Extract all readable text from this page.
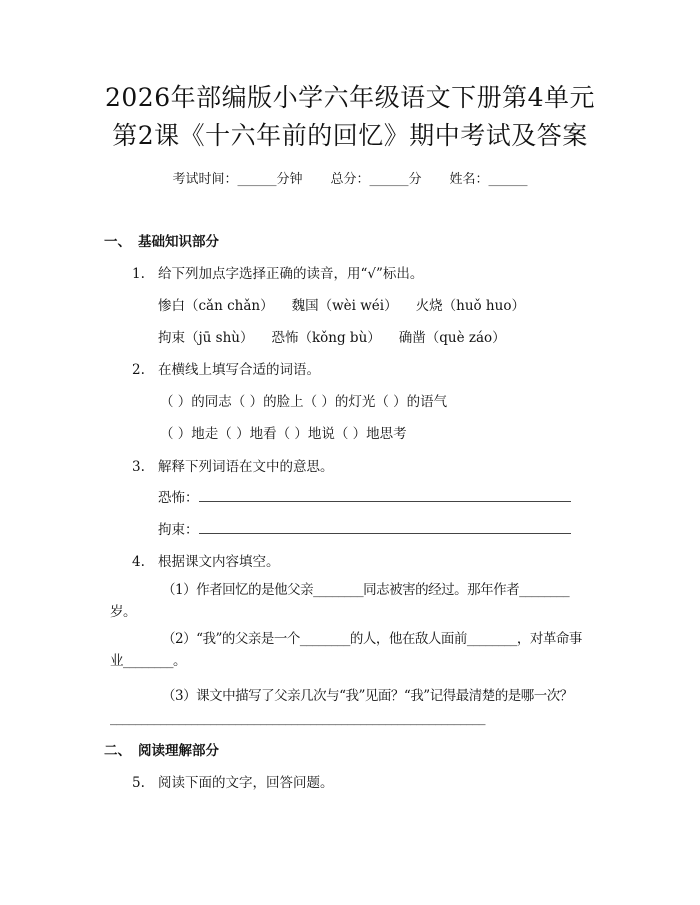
2026年部编版小学六年级语文下册第4单元
第2课《十六年前的回忆》期中考试及答案
考试时间：______分钟 总分：______分 姓名：______
一、 基础知识部分
1. 给下列加点字选择正确的读音，用“√”标出。
惨白（cǎn chǎn） 魏国（wèi wéi） 火烧（huǒ huo）
拘束（jū shù） 恐怖（kǒng bù） 确凿（què záo）
2. 在横线上填写合适的词语。
（ ）的同志（ ）的脸上（ ）的灯光（ ）的语气
（ ）地走（ ）地看（ ）地说（ ）地思考
3. 解释下列词语在文中的意思。
恐怖：
拘束：
4. 根据课文内容填空。
（1）作者回忆的是他父亲________同志被害的经过。那年作者________岁。
（2）“我”的父亲是一个________的人，他在敌人面前________，对革命事业________。
（3）课文中描写了父亲几次与“我”见面？“我”记得最清楚的是哪一次？____________________________________________________________
二、 阅读理解部分
5. 阅读下面的文字，回答问题。
